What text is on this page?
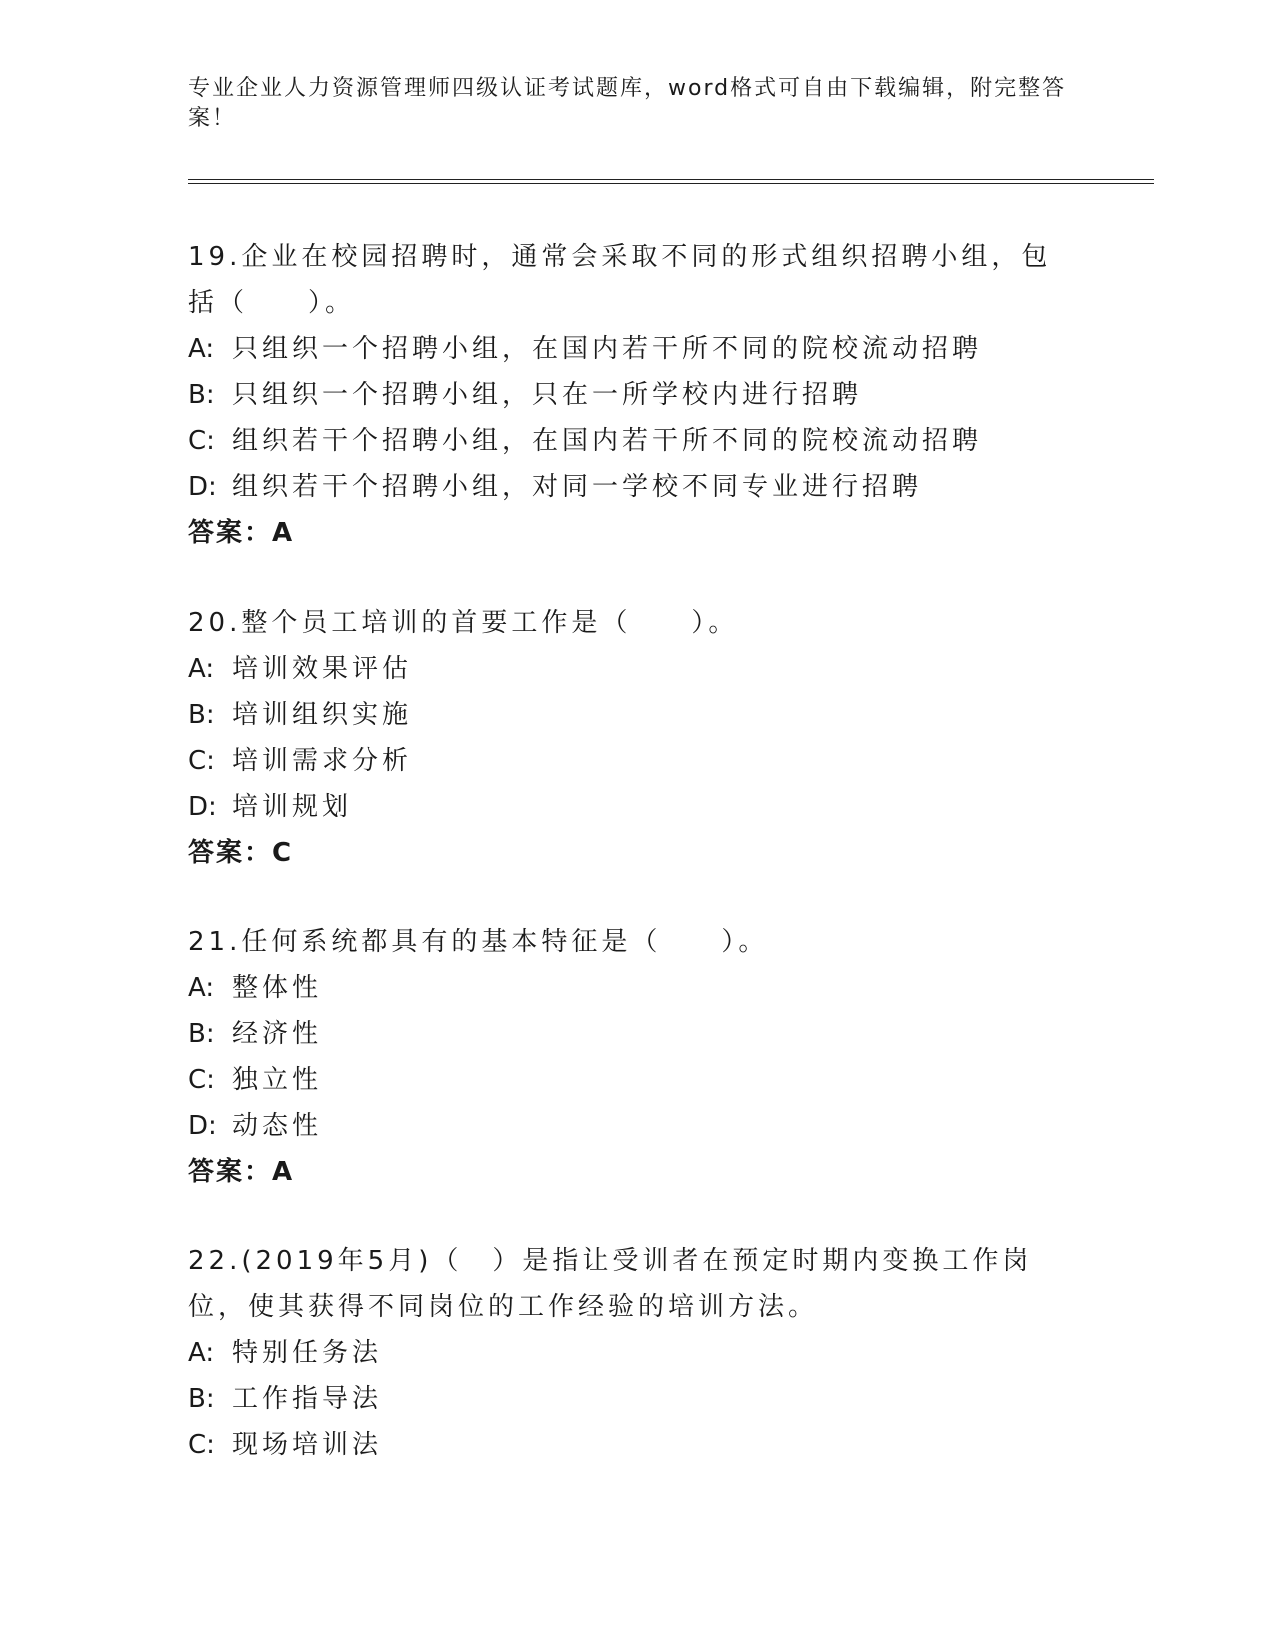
专业企业人力资源管理师四级认证考试题库，word格式可自由下载编辑，附完整答案！

19.企业在校园招聘时，通常会采取不同的形式组织招聘小组，包括（　　）。

A: 只组织一个招聘小组，在国内若干所不同的院校流动招聘

B: 只组织一个招聘小组，只在一所学校内进行招聘

C: 组织若干个招聘小组，在国内若干所不同的院校流动招聘

D: 组织若干个招聘小组，对同一学校不同专业进行招聘

答案：A

20.整个员工培训的首要工作是（　　）。

A: 培训效果评估

B: 培训组织实施

C: 培训需求分析

D: 培训规划

答案：C

21.任何系统都具有的基本特征是（　　）。

A: 整体性

B: 经济性

C: 独立性

D: 动态性

答案：A

22.(2019年5月)（　）是指让受训者在预定时期内变换工作岗位，使其获得不同岗位的工作经验的培训方法。

A: 特别任务法

B: 工作指导法

C: 现场培训法
